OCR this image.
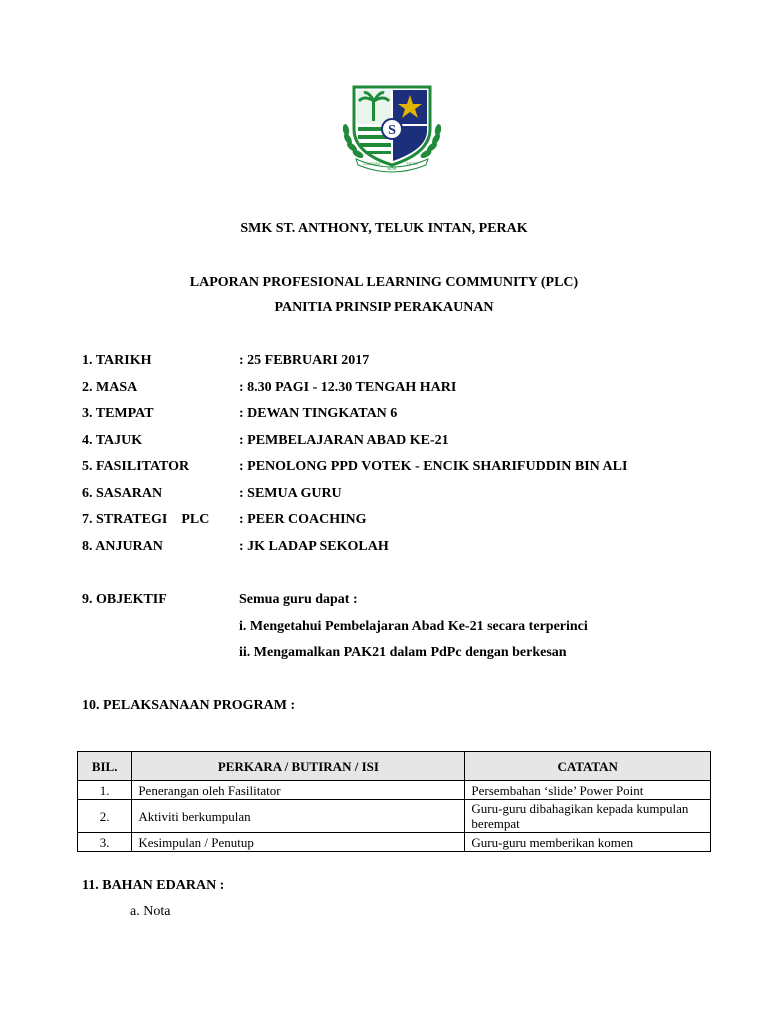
S
CARITAS
NON
FICTA
SMK ST. ANTHONY, TELUK INTAN, PERAK
LAPORAN PROFESIONAL LEARNING COMMUNITY (PLC)
PANITIA PRINSIP PERAKAUNAN
1. TARIKH	: 25 FEBRUARI 2017
2. MASA	: 8.30 PAGI - 12.30 TENGAH HARI
3. TEMPAT	: DEWAN TINGKATAN 6
4. TAJUK	: PEMBELAJARAN ABAD KE-21
5. FASILITATOR	: PENOLONG PPD VOTEK - ENCIK SHARIFUDDIN BIN ALI
6. SASARAN	: SEMUA GURU
7. STRATEGI    PLC : PEER COACHING
8. ANJURAN	: JK LADAP SEKOLAH
9. OBJEKTIF	Semua guru dapat :
i. Mengetahui Pembelajaran Abad Ke-21 secara terperinci
ii. Mengamalkan PAK21 dalam PdPc dengan berkesan
10. PELAKSANAAN PROGRAM :
BIL.	PERKARA / BUTIRAN / ISI	CATATAN
1.	Penerangan oleh Fasilitator	Persembahan ‘slide’ Power Point
2.	Aktiviti berkumpulan	Guru-guru dibahagikan kepada kumpulan berempat
3.	Kesimpulan / Penutup	Guru-guru memberikan komen
11. BAHAN EDARAN :
a. Nota
